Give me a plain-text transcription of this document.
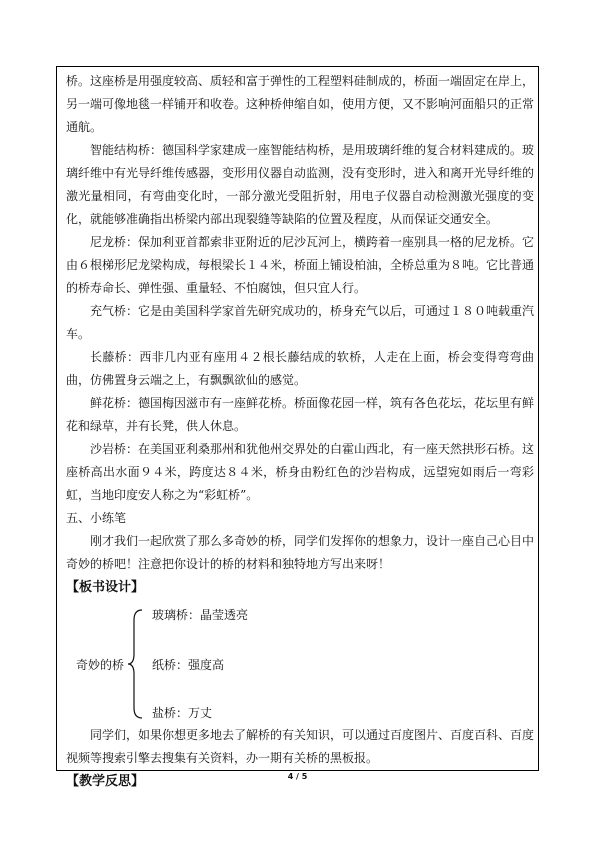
桥。这座桥是用强度较高、质轻和富于弹性的工程塑料硅制成的，桥面一端固定在岸上，另一端可像地毯一样铺开和收卷。这种桥伸缩自如，使用方便，又不影响河面船只的正常通航。

智能结构桥：德国科学家建成一座智能结构桥，是用玻璃纤维的复合材料建成的。玻璃纤维中有光导纤维传感器，变形用仪器自动监测，没有变形时，进入和离开光导纤维的激光量相同，有弯曲变化时，一部分激光受阻折射，用电子仪器自动检测激光强度的变化，就能够准确指出桥梁内部出现裂缝等缺陷的位置及程度，从而保证交通安全。

尼龙桥：保加利亚首都索非亚附近的尼沙瓦河上，横跨着一座别具一格的尼龙桥。它由６根梯形尼龙梁构成，每根梁长１４米，桥面上铺设柏油，全桥总重为８吨。它比普通的桥寿命长、弹性强、重量轻、不怕腐蚀，但只宜人行。

充气桥：它是由美国科学家首先研究成功的，桥身充气以后，可通过１８０吨载重汽车。

长藤桥：西非几内亚有座用４２根长藤结成的软桥，人走在上面，桥会变得弯弯曲曲，仿佛置身云端之上，有飘飘欲仙的感觉。

鲜花桥：德国梅因滋市有一座鲜花桥。桥面像花园一样，筑有各色花坛，花坛里有鲜花和绿草，并有长凳，供人休息。

沙岩桥：在美国亚利桑那州和犹他州交界处的白霍山西北，有一座天然拱形石桥。这座桥高出水面９４米，跨度达８４米，桥身由粉红色的沙岩构成，远望宛如雨后一弯彩虹，当地印度安人称之为“彩虹桥”。

五、小练笔

刚才我们一起欣赏了那么多奇妙的桥，同学们发挥你的想象力，设计一座自己心目中奇妙的桥吧！注意把你设计的桥的材料和独特地方写出来呀！

【板书设计】

奇妙的桥
玻璃桥：晶莹透亮
纸桥：强度高
盐桥：万丈

同学们，如果你想更多地去了解桥的有关知识，可以通过百度图片、百度百科、百度视频等搜索引擎去搜集有关资料，办一期有关桥的黑板报。

【教学反思】	4 / 5
